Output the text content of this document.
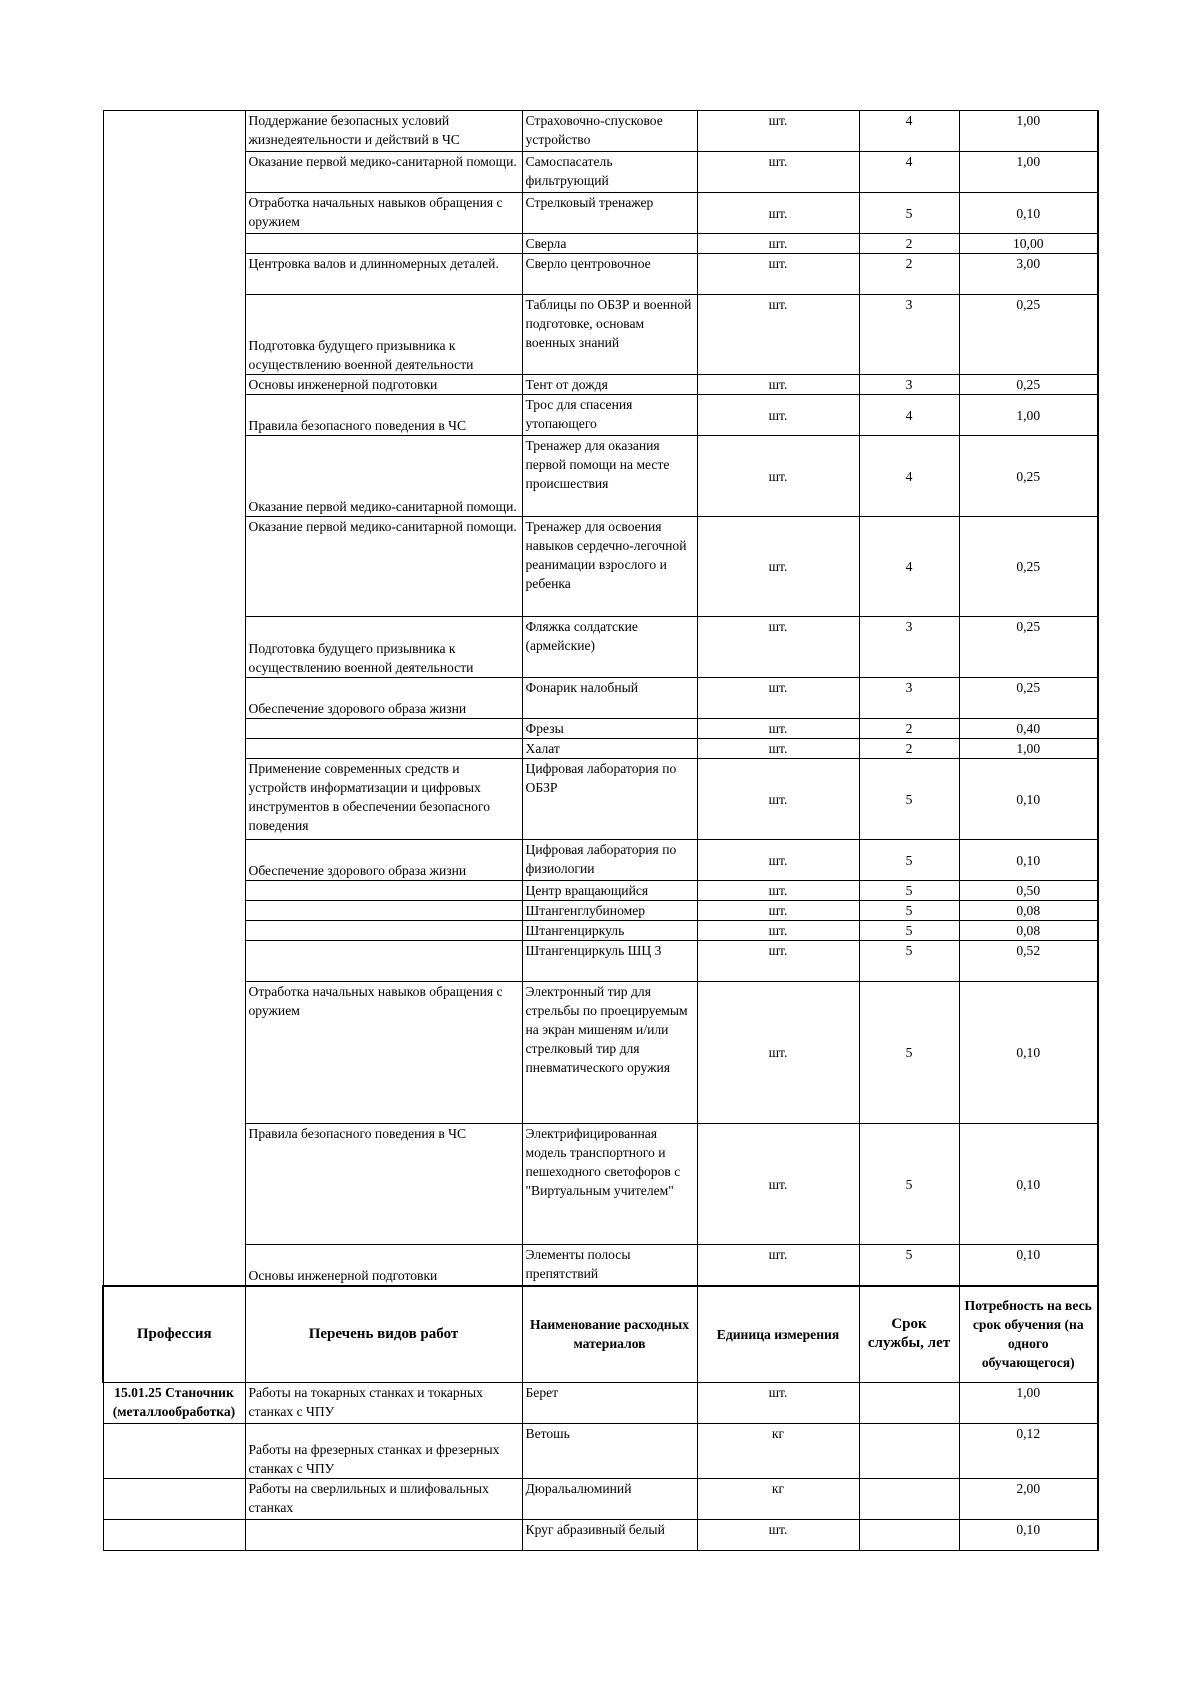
	Поддержание безопасных условий жизнедеятельности и действий в ЧС	Страховочно-спусковое устройство	шт.	4	1,00
	Оказание первой медико-санитарной помощи.	Самоспасатель фильтрующий	шт.	4	1,00
	Отработка начальных навыков обращения с оружием	Стрелковый тренажер	шт.	5	0,10
		Сверла	шт.	2	10,00
	Центровка валов и длинномерных деталей.	Сверло центровочное	шт.	2	3,00
	Подготовка будущего призывника к осуществлению военной деятельности	Таблицы по ОБЗР и военной подготовке, основам военных знаний	шт.	3	0,25
	Основы инженерной подготовки	Тент от дождя	шт.	3	0,25
	Правила безопасного поведения в ЧС	Трос для спасения утопающего	шт.	4	1,00
	Оказание первой медико-санитарной помощи.	Тренажер для оказания первой помощи на месте происшествия	шт.	4	0,25
	Оказание первой медико-санитарной помощи.	Тренажер для освоения навыков сердечно-легочной реанимации взрослого и ребенка	шт.	4	0,25
	Подготовка будущего призывника к осуществлению военной деятельности	Фляжка солдатские (армейские)	шт.	3	0,25
	Обеспечение здорового образа жизни	Фонарик налобный	шт.	3	0,25
		Фрезы	шт.	2	0,40
		Халат	шт.	2	1,00
	Применение современных средств и устройств информатизации и цифровых инструментов в обеспечении безопасного поведения	Цифровая лаборатория по ОБЗР	шт.	5	0,10
	Обеспечение здорового образа жизни	Цифровая лаборатория по физиологии	шт.	5	0,10
		Центр вращающийся	шт.	5	0,50
		Штангенглубиномер	шт.	5	0,08
		Штангенциркуль	шт.	5	0,08
		Штангенциркуль ШЦ 3	шт.	5	0,52
	Отработка начальных навыков обращения с оружием	Электронный тир для стрельбы по проецируемым на экран мишеням и/или стрелковый тир для пневматического оружия	шт.	5	0,10
	Правила безопасного поведения в ЧС	Электрифицированная модель транспортного и пешеходного светофоров с "Виртуальным учителем"	шт.	5	0,10
	Основы инженерной подготовки	Элементы полосы препятствий	шт.	5	0,10
Профессия	Перечень видов работ	Наименование расходных материалов	Единица измерения	Срок службы, лет	Потребность на весь срок обучения (на одного обучающегося)
15.01.25 Станочник (металлообработка)	Работы на токарных станках и токарных станках с ЧПУ	Берет	шт.		1,00
	Работы на фрезерных станках и фрезерных станках с ЧПУ	Ветошь	кг		0,12
	Работы на сверлильных и шлифовальных станках	Дюральалюминий	кг		2,00
		Круг абразивный белый	шт.		0,10
